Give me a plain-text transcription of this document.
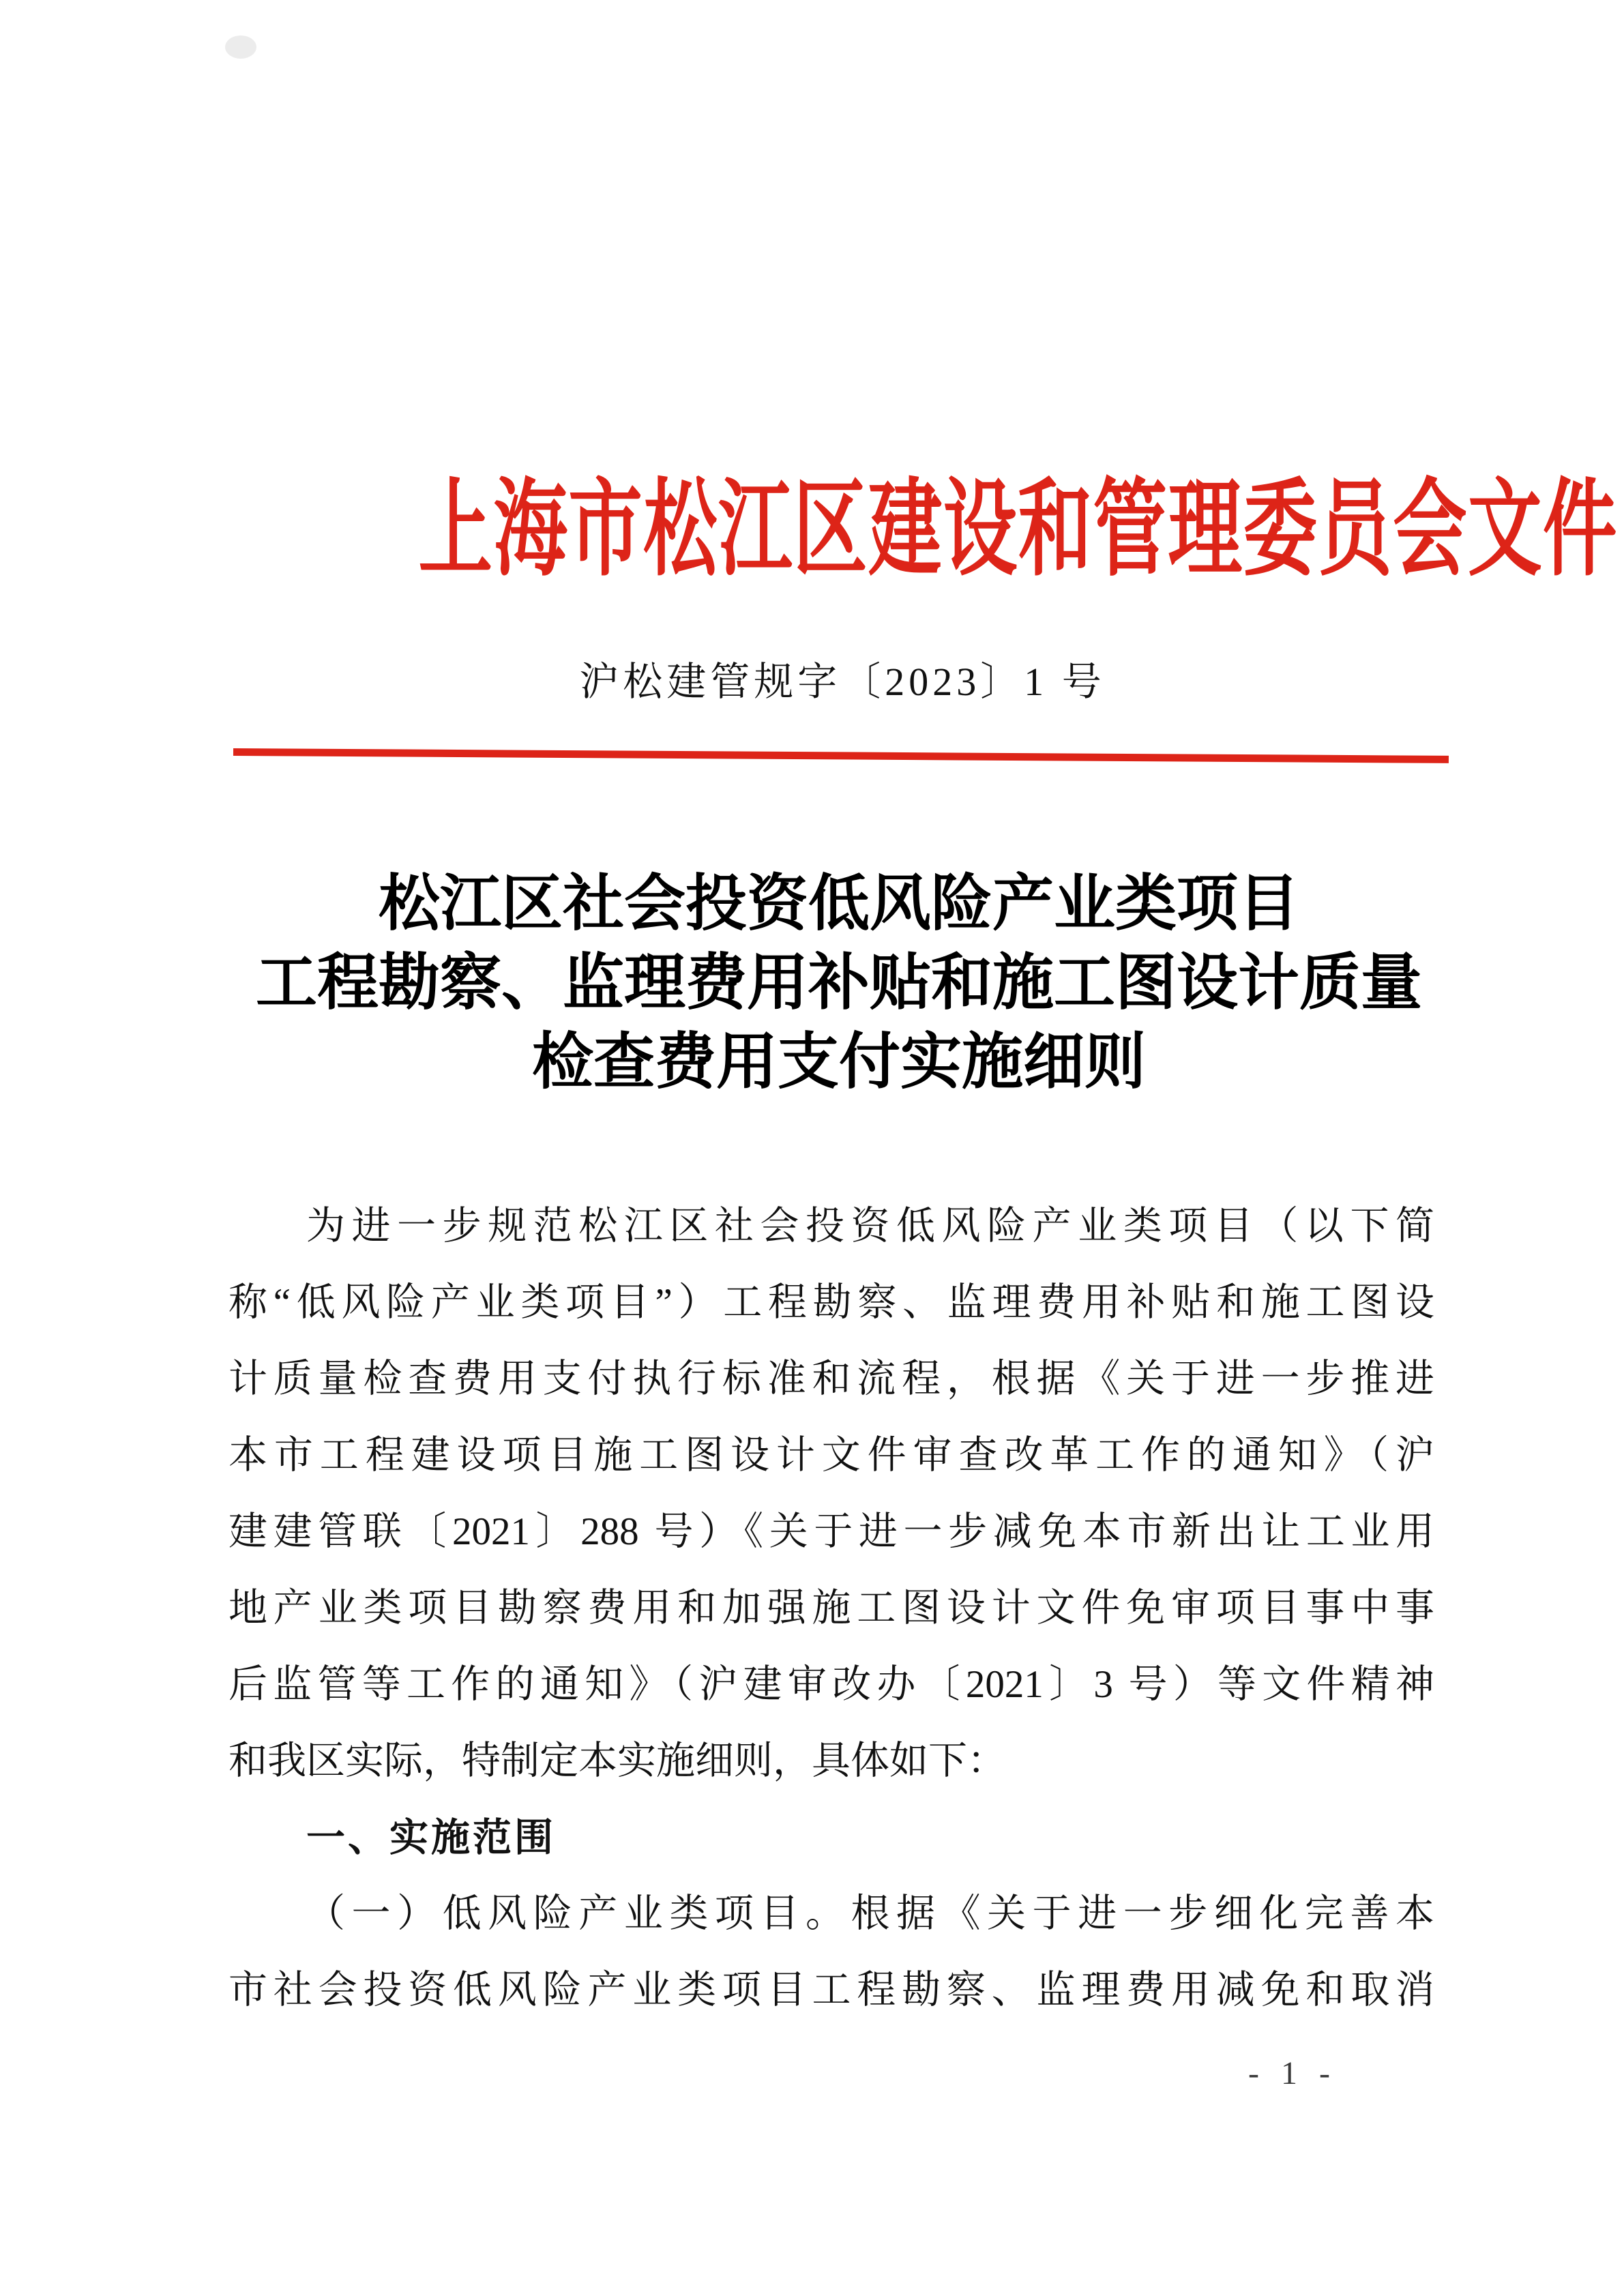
上海市松江区建设和管理委员会文件
沪松建管规字〔2023〕1 号
松江区社会投资低风险产业类项目
工程勘察、监理费用补贴和施工图设计质量
检查费用支付实施细则
为进一步规范松江区社会投资低风险产业类项目（以下简
称“低风险产业类项目”）工程勘察、监理费用补贴和施工图设
计质量检查费用支付执行标准和流程，根据《关于进一步推进
本市工程建设项目施工图设计文件审查改革工作的通知》（沪
建建管联〔2021〕288 号）《关于进一步减免本市新出让工业用
地产业类项目勘察费用和加强施工图设计文件免审项目事中事
后监管等工作的通知》（沪建审改办〔2021〕3 号）等文件精神
和我区实际，特制定本实施细则，具体如下：
一、实施范围
（一）低风险产业类项目。根据《关于进一步细化完善本
市社会投资低风险产业类项目工程勘察、监理费用减免和取消
- 1 -
